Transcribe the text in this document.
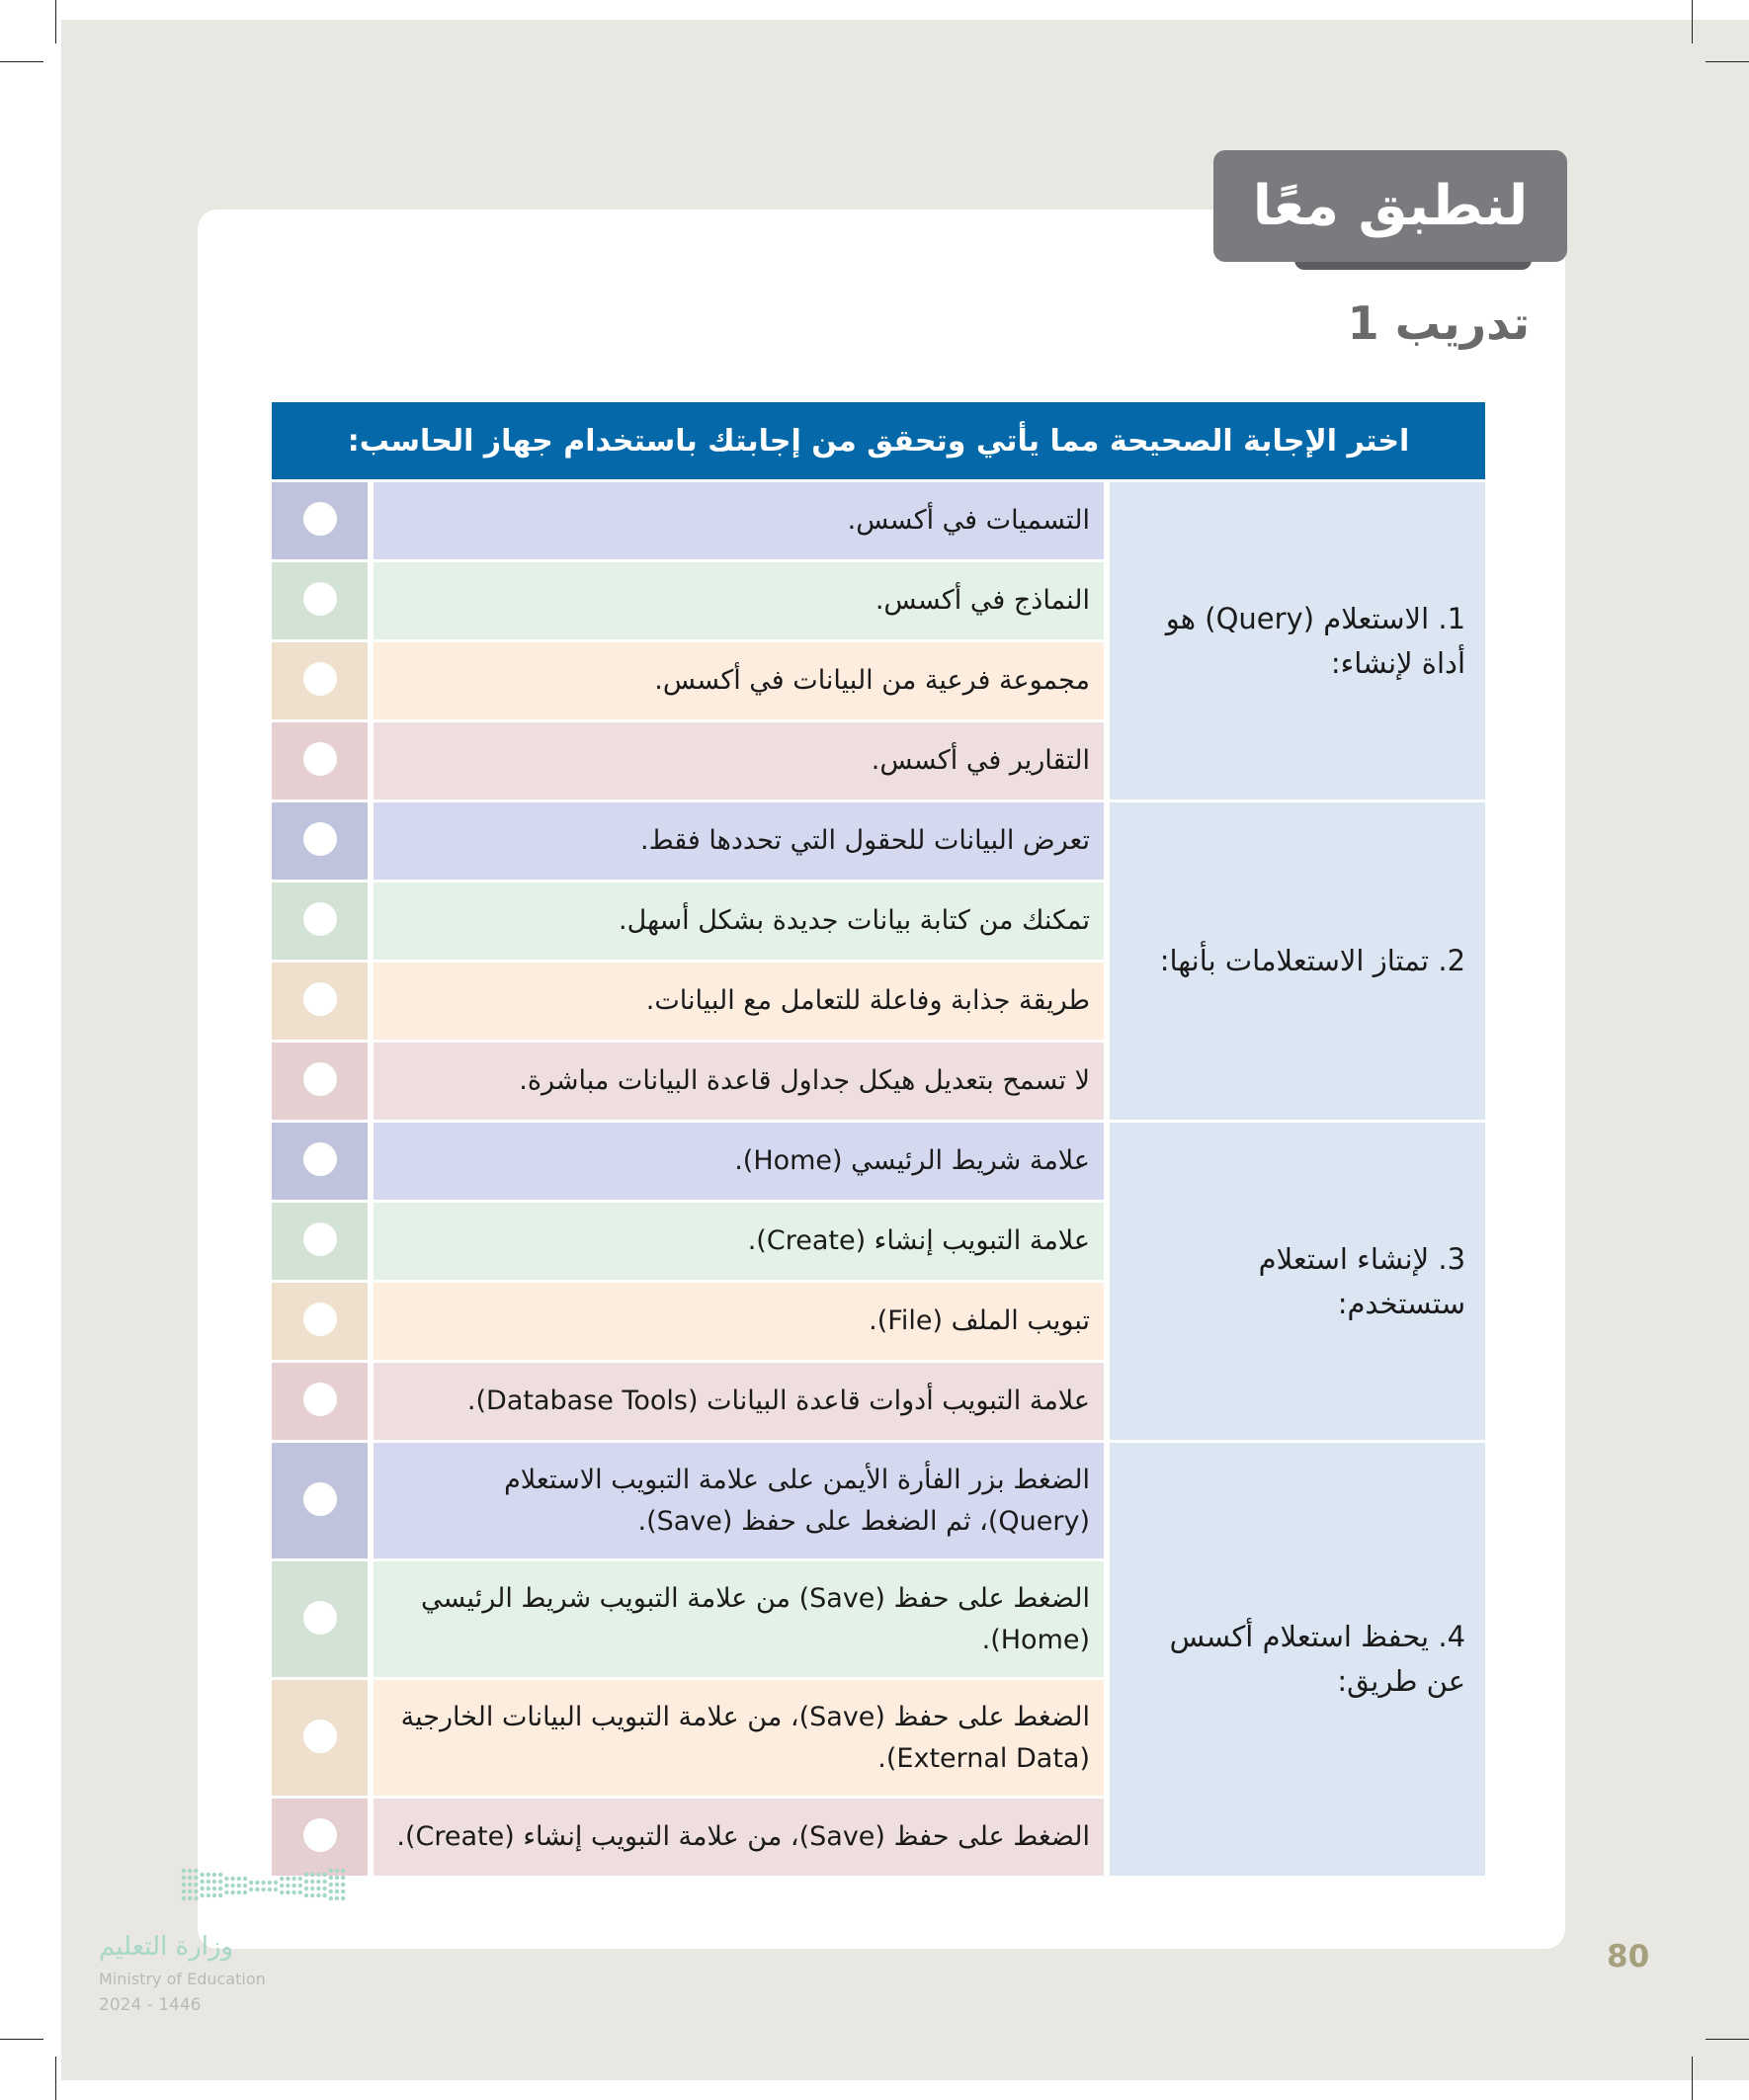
لنطبق معًا
تدريب 1
اختر الإجابة الصحيحة مما يأتي وتحقق من إجابتك باستخدام جهاز الحاسب:		
1. الاستعلام (Query) هو أداة لإنشاء:	التسميات في أكسس.	
	النماذج في أكسس.	
	مجموعة فرعية من البيانات في أكسس.	
	التقارير في أكسس.	
2. تمتاز الاستعلامات بأنها:	تعرض البيانات للحقول التي تحددها فقط.	
	تمكنك من كتابة بيانات جديدة بشكل أسهل.	
	طريقة جذابة وفاعلة للتعامل مع البيانات.	
	لا تسمح بتعديل هيكل جداول قاعدة البيانات مباشرة.	
3. لإنشاء استعلام ستستخدم:	علامة شريط الرئيسي (Home).	
	علامة التبويب إنشاء (Create).	
	تبويب الملف (File).	
	علامة التبويب أدوات قاعدة البيانات (Database Tools).	
4. يحفظ استعلام أكسس عن طريق:	الضغط بزر الفأرة الأيمن على علامة التبويب الاستعلام (Query)، ثم الضغط على حفظ (Save).	
	الضغط على حفظ (Save) من علامة التبويب شريط الرئيسي (Home).	
	الضغط على حفظ (Save)، من علامة التبويب البيانات الخارجية (External Data).	
	الضغط على حفظ (Save)، من علامة التبويب إنشاء (Create).	
وزارة التعليم
Ministry of Education
2024 - 1446
80
